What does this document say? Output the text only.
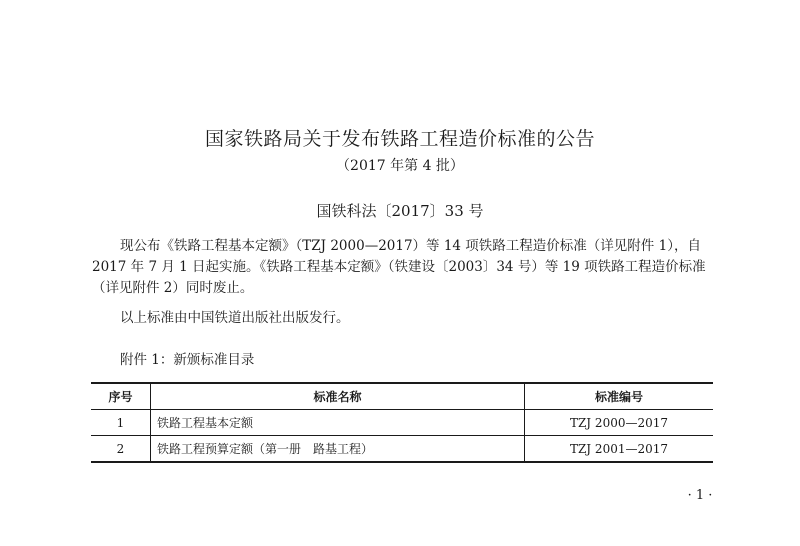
国家铁路局关于发布铁路工程造价标准的公告
（2017 年第 4 批）
国铁科法〔2017〕33 号

现公布《铁路工程基本定额》（TZJ 2000—2017）等 14 项铁路工程造价标准（详见附件 1），自 2017 年 7 月 1 日起实施。《铁路工程基本定额》（铁建设〔2003〕34 号）等 19 项铁路工程造价标准（详见附件 2）同时废止。

以上标准由中国铁道出版社出版发行。

附件 1：新颁标准目录

序号	标准名称	标准编号
1	铁路工程基本定额	TZJ 2000—2017
2	铁路工程预算定额（第一册　路基工程）	TZJ 2001—2017
· 1 ·
